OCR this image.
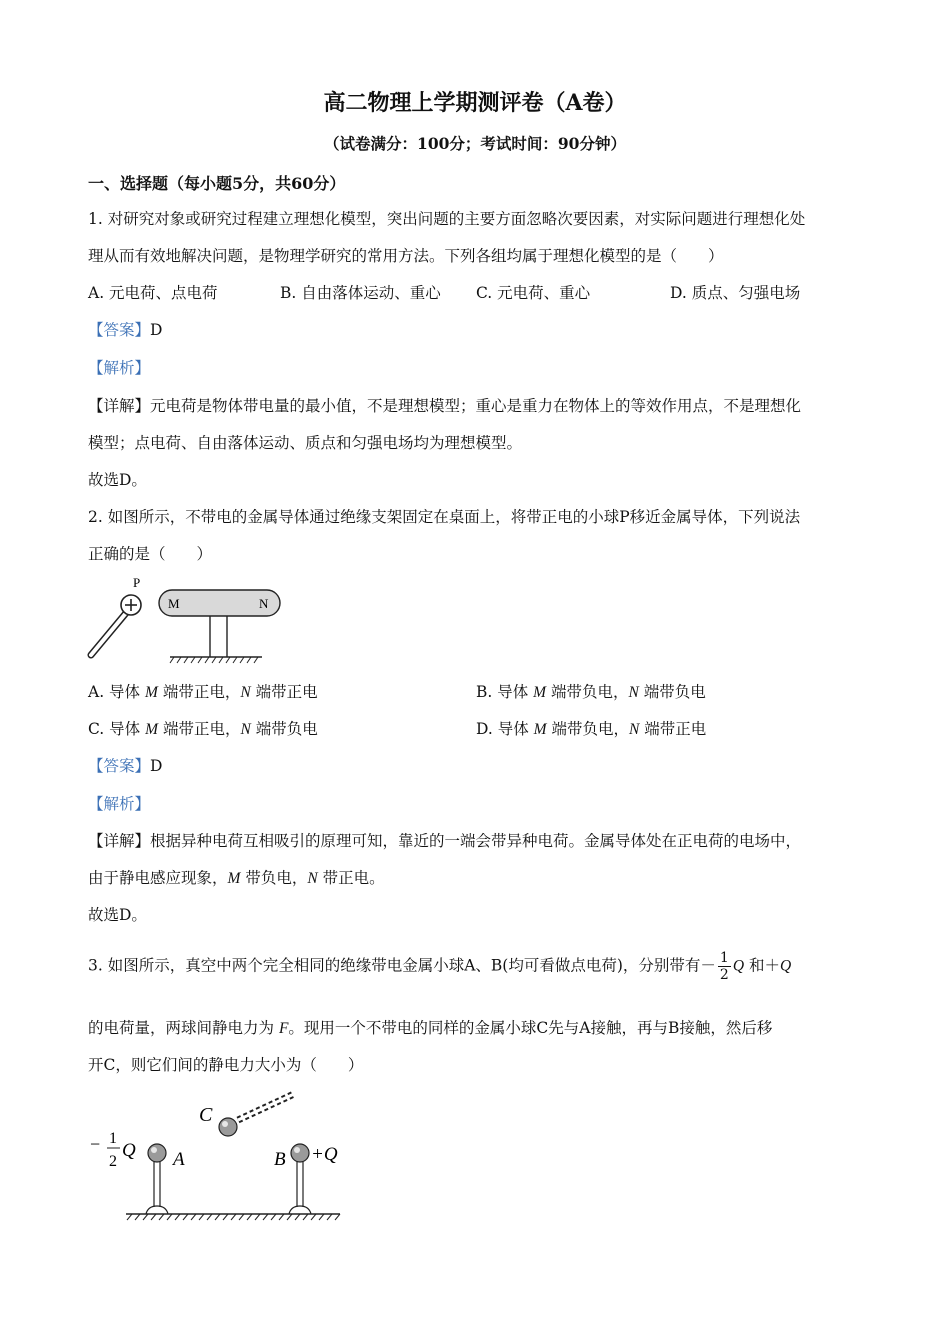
高二物理上学期测评卷（A卷）
（试卷满分：100分；考试时间：90分钟）
一、选择题（每小题5分，共60分）
1. 对研究对象或研究过程建立理想化模型，突出问题的主要方面忽略次要因素，对实际问题进行理想化处
理从而有效地解决问题，是物理学研究的常用方法。下列各组均属于理想化模型的是（　　）
A. 元电荷、点电荷	B. 自由落体运动、重心 C. 元电荷、重心	D. 质点、匀强电场
【答案】D
【解析】
【详解】元电荷是物体带电量的最小值，不是理想模型；重心是重力在物体上的等效作用点，不是理想化
模型；点电荷、自由落体运动、质点和匀强电场均为理想模型。
故选D。
2. 如图所示，不带电的金属导体通过绝缘支架固定在桌面上，将带正电的小球P移近金属导体，下列说法
正确的是（　　）
P
M	N
A. 导体 M 端带正电，N 端带正电	B. 导体 M 端带负电，N 端带负电
C. 导体 M 端带正电，N 端带负电	D. 导体 M 端带负电，N 端带正电
【答案】D
【解析】
【详解】根据异种电荷互相吸引的原理可知，靠近的一端会带异种电荷。金属导体处在正电荷的电场中，
由于静电感应现象，M 带负电，N 带正电。
故选D。
3. 如图所示，真空中两个完全相同的绝缘带电金属小球A、B(均可看做点电荷)，分别带有－ $\frac{1}{2}$ Q 和＋Q
的电荷量，两球间静电力为 F。现用一个不带电的同样的金属小球C先与A接触，再与B接触，然后移
开C，则它们间的静电力大小为（　　）
C
A
− 1
2
Q	B +Q
